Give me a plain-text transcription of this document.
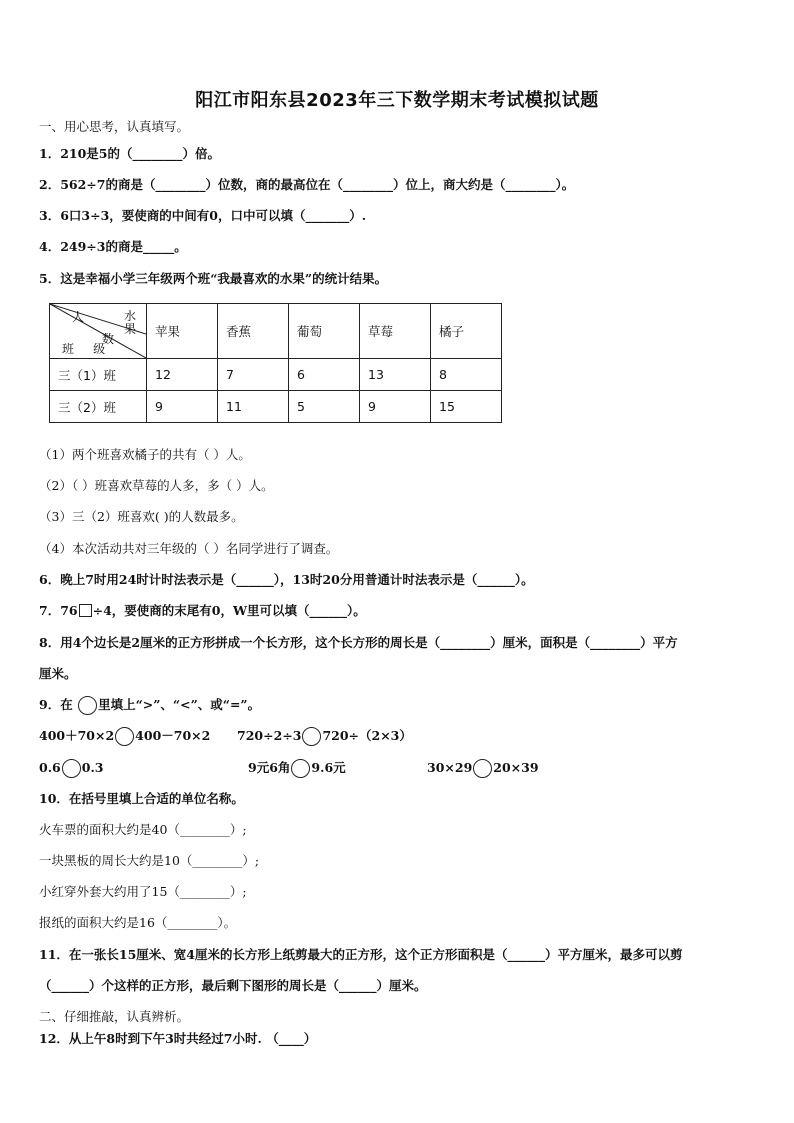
阳江市阳东县2023年三下数学期末考试模拟试题
一、用心思考，认真填写。
1．210是5的（________）倍。
2．562÷7的商是（________）位数，商的最高位在（________）位上，商大约是（________）。
3．6口3÷3，要使商的中间有0，口中可以填（_______）.
4．249÷3的商是_____。
5．这是幸福小学三年级两个班“我最喜欢的水果”的统计结果。
人 水果
数
班     级	苹果	香蕉	葡萄	草莓	橘子
三（1）班	12	7	6	13	8
三（2）班	9	11	5	9	15
（1）两个班喜欢橘子的共有（ ）人。
（2）（ ）班喜欢草莓的人多，多（ ）人。
（3）三（2）班喜欢( )的人数最多。
（4）本次活动共对三年级的（ ）名同学进行了调查。
6．晚上7时用24时计时法表示是（______），13时20分用普通计时法表示是（______）。
7．76 ÷4，要使商的末尾有0，W里可以填（______）。
8．用4个边长是2厘米的正方形拼成一个长方形，这个长方形的周长是（________）厘米，面积是（________）平方
厘米。
9．在 里填上“>”、“<”、或“=”。
400＋70×2 400－70×2 720÷2÷3 720÷（2×3）
0.6 0.3	9元6角 9.6元	30×29 20×39
10．在括号里填上合适的单位名称。
火车票的面积大约是40（________）;
一块黑板的周长大约是10（________）;
小红穿外套大约用了15（________）;
报纸的面积大约是16（________）。
11．在一张长15厘米、宽4厘米的长方形上纸剪最大的正方形，这个正方形面积是（______）平方厘米，最多可以剪
（______）个这样的正方形，最后剩下图形的周长是（______）厘米。
二、仔细推敲，认真辨析。
12．从上午8时到下午3时共经过7小时. （____）
